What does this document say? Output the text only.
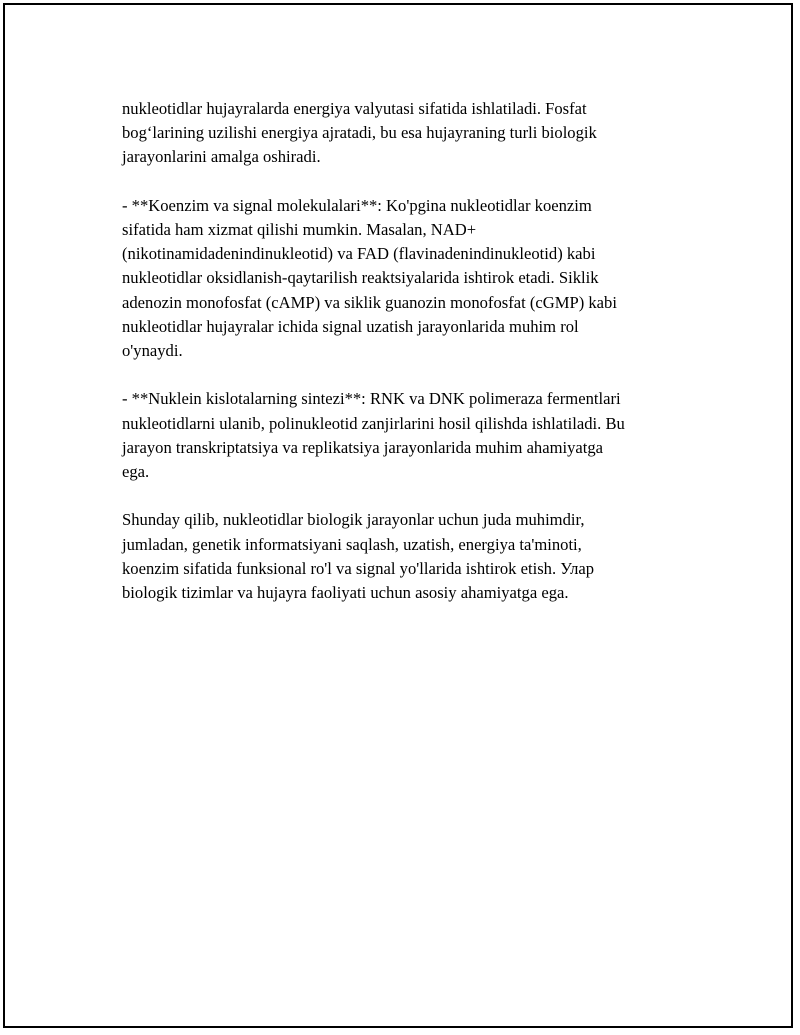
nukleotidlar hujayralarda energiya valyutasi sifatida ishlatiladi. Fosfat
bog‘larining uzilishi energiya ajratadi, bu esa hujayraning turli biologik
jarayonlarini amalga oshiradi.

- **Koenzim va signal molekulalari**: Ko'pgina nukleotidlar koenzim
sifatida ham xizmat qilishi mumkin. Masalan, NAD+
(nikotinamidadenindinukleotid) va FAD (flavinadenindinukleotid) kabi
nukleotidlar oksidlanish-qaytarilish reaktsiyalarida ishtirok etadi. Siklik
adenozin monofosfat (cAMP) va siklik guanozin monofosfat (cGMP) kabi
nukleotidlar hujayralar ichida signal uzatish jarayonlarida muhim rol
o'ynaydi.

- **Nuklein kislotalarning sintezi**: RNK va DNK polimeraza fermentlari
nukleotidlarni ulanib, polinukleotid zanjirlarini hosil qilishda ishlatiladi. Bu
jarayon transkriptatsiya va replikatsiya jarayonlarida muhim ahamiyatga
ega.

Shunday qilib, nukleotidlar biologik jarayonlar uchun juda muhimdir,
jumladan, genetik informatsiyani saqlash, uzatish, energiya ta'minoti,
koenzim sifatida funksional ro'l va signal yo'llarida ishtirok etish. Улар
biologik tizimlar va hujayra faoliyati uchun asosiy ahamiyatga ega.
